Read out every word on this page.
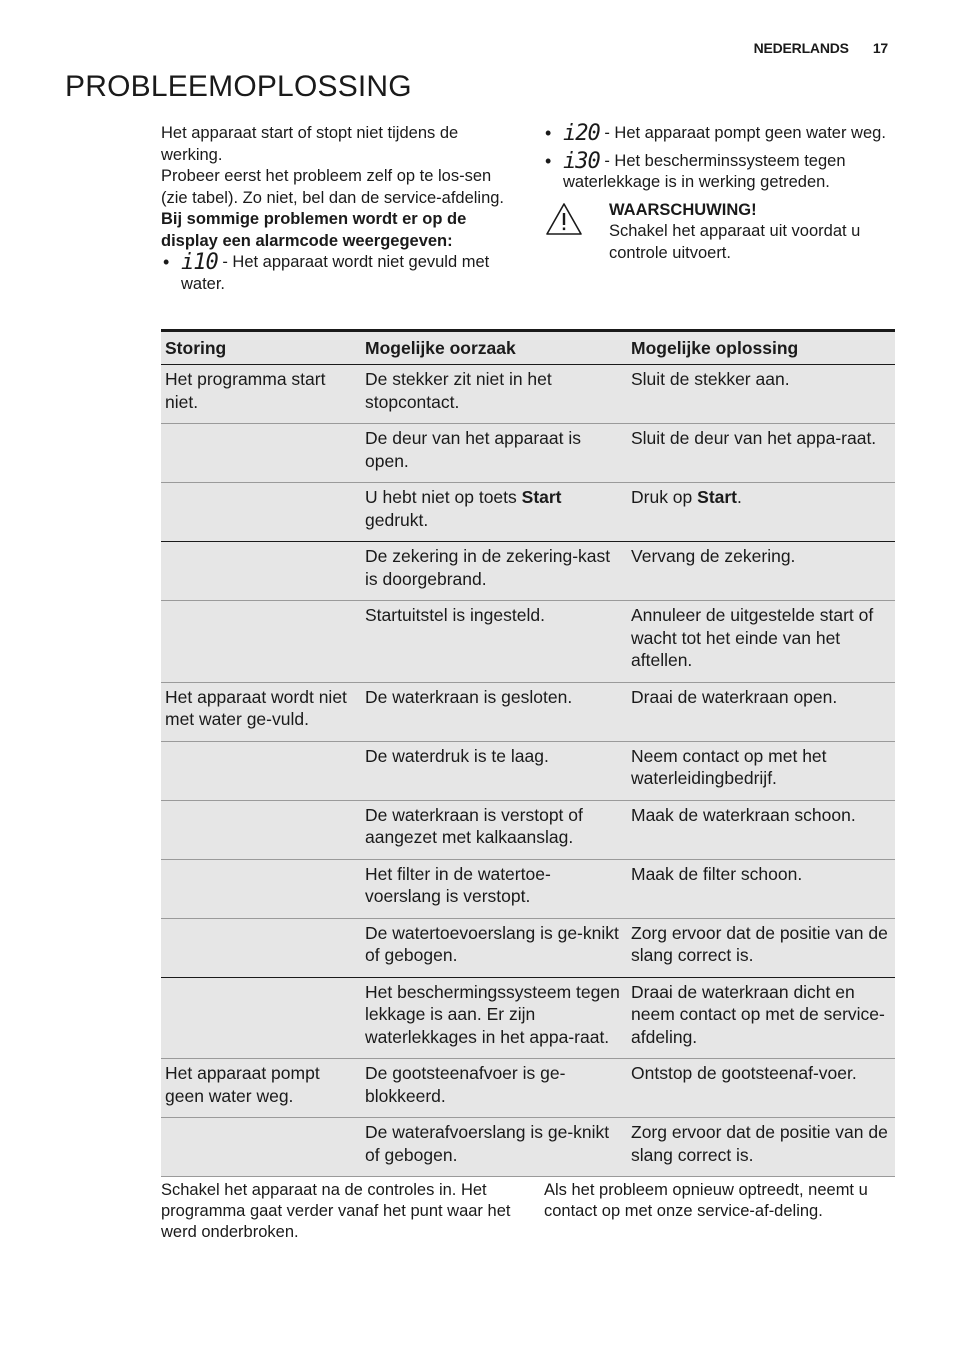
NEDERLANDS 17
PROBLEEMOPLOSSING

Het apparaat start of stopt niet tijdens de werking.

Probeer eerst het probleem zelf op te los-sen (zie tabel). Zo niet, bel dan de service-afdeling.

Bij sommige problemen wordt er op de display een alarmcode weergegeven:

• i10 - Het apparaat wordt niet gevuld met water.
• i20 - Het apparaat pompt geen water weg.
• i30 - Het bescherminssysteem tegen waterlekkage is in werking getreden.
WAARSCHUWING!
Schakel het apparaat uit voordat u controle uitvoert.
Storing	Mogelijke oorzaak	Mogelijke oplossing
Het programma start niet.	De stekker zit niet in het stopcontact.	Sluit de stekker aan.
	De deur van het apparaat is open.	Sluit de deur van het appa-raat.
	U hebt niet op toets Start gedrukt.	Druk op Start.
	De zekering in de zekering-kast is doorgebrand.	Vervang de zekering.
	Startuitstel is ingesteld.	Annuleer de uitgestelde start of wacht tot het einde van het aftellen.
Het apparaat wordt niet met water ge-vuld.	De waterkraan is gesloten.	Draai de waterkraan open.
	De waterdruk is te laag.	Neem contact op met het waterleidingbedrijf.
	De waterkraan is verstopt of aangezet met kalkaanslag.	Maak de waterkraan schoon.
	Het filter in de watertoe-voerslang is verstopt.	Maak de filter schoon.
	De watertoevoerslang is ge-knikt of gebogen.	Zorg ervoor dat de positie van de slang correct is.
	Het beschermingssysteem tegen lekkage is aan. Er zijn waterlekkages in het appa-raat.	Draai de waterkraan dicht en neem contact op met de service-afdeling.
Het apparaat pompt geen water weg.	De gootsteenafvoer is ge-blokkeerd.	Ontstop de gootsteenaf-voer.
	De waterafvoerslang is ge-knikt of gebogen.	Zorg ervoor dat de positie van de slang correct is.
Schakel het apparaat na de controles in. Het programma gaat verder vanaf het punt waar het werd onderbroken.
Als het probleem opnieuw optreedt, neemt u contact op met onze service-af-deling.
